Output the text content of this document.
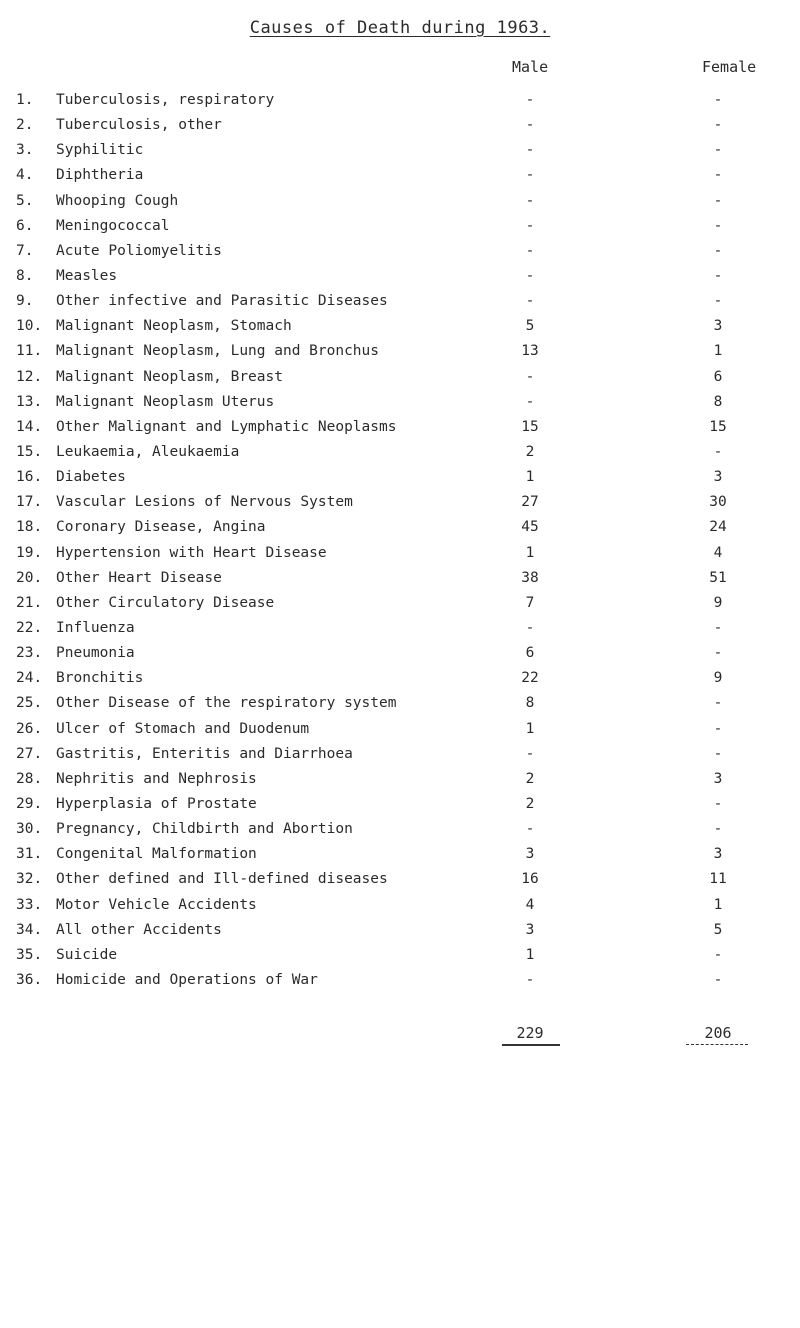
Causes of Death during 1963.
Male	Female
1.	Tuberculosis, respiratory	-	-
2.	Tuberculosis, other	-	-
3.	Syphilitic	-	-
4.	Diphtheria	-	-
5.	Whooping Cough	-	-
6.	Meningococcal	-	-
7.	Acute Poliomyelitis	-	-
8.	Measles	-	-
9.	Other infective and Parasitic Diseases	-	-
10. Malignant Neoplasm, Stomach	5	3
11. Malignant Neoplasm, Lung and Bronchus	13	1
12. Malignant Neoplasm, Breast	-	6
13. Malignant Neoplasm Uterus	-	8
14. Other Malignant and Lymphatic Neoplasms	15	15
15. Leukaemia, Aleukaemia	2	-
16. Diabetes	1	3
17. Vascular Lesions of Nervous System	27	30
18. Coronary Disease, Angina	45	24
19. Hypertension with Heart Disease	1	4
20. Other Heart Disease	38	51
21. Other Circulatory Disease	7	9
22. Influenza	-	-
23. Pneumonia	6	-
24. Bronchitis	22	9
25. Other Disease of the respiratory system	8	-
26. Ulcer of Stomach and Duodenum	1	-
27. Gastritis, Enteritis and Diarrhoea	-	-
28. Nephritis and Nephrosis	2	3
29. Hyperplasia of Prostate	2	-
30. Pregnancy, Childbirth and Abortion	-	-
31. Congenital Malformation	3	3
32. Other defined and Ill-defined diseases	16	11
33. Motor Vehicle Accidents	4	1
34. All other Accidents	3	5
35. Suicide	1	-
36. Homicide and Operations of War	-	-
229	206
